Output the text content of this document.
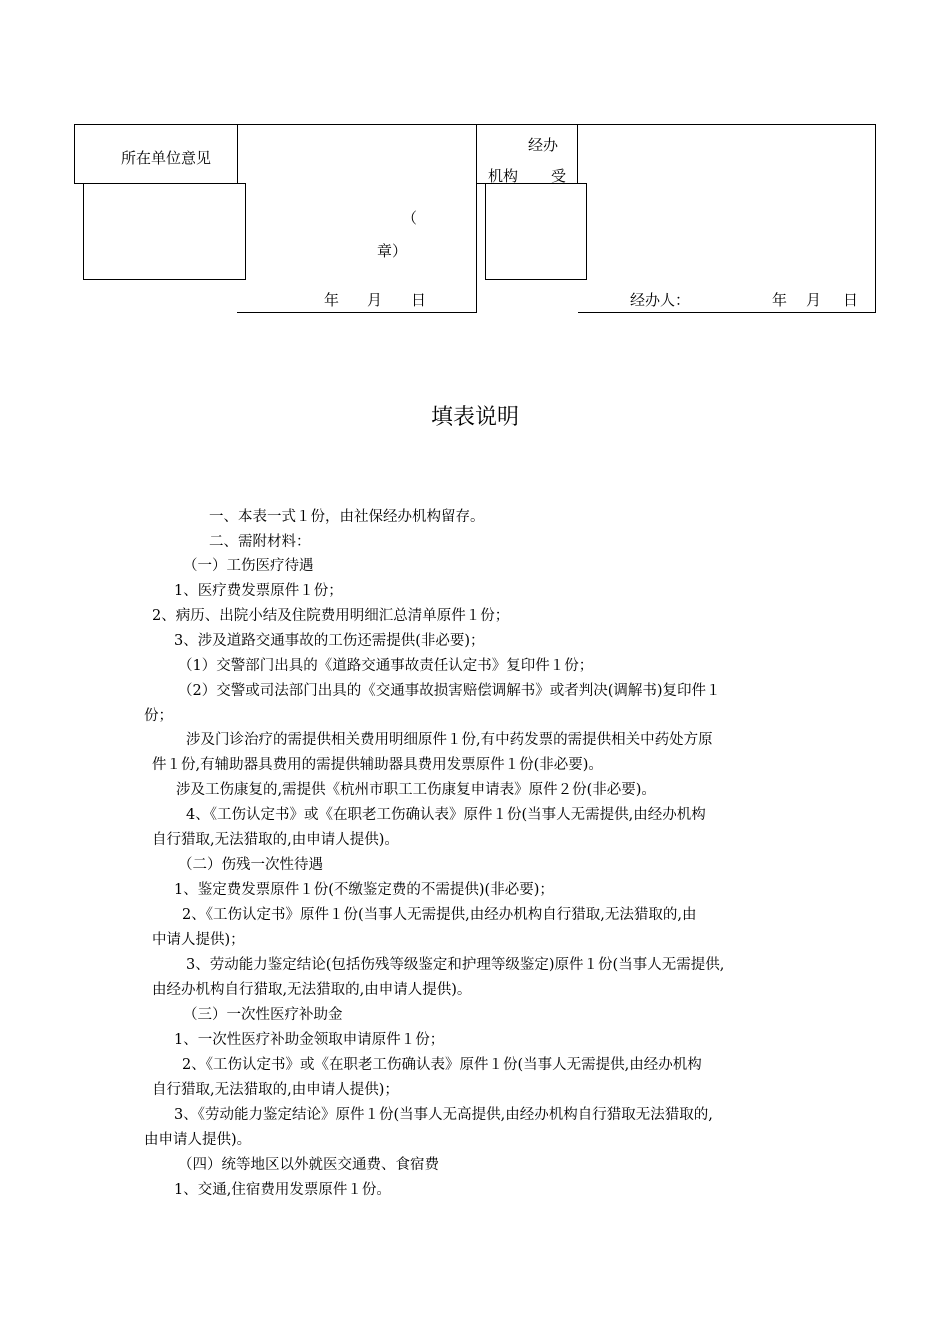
所在单位意见
经办
机构 受
（
章）
年 月 日	经办人：	年 月 日
填表说明
一、本表一式１份，由社保经办机构留存。
二、需附材料：
（一）工伤医疗待遇
1、医疗费发票原件１份；
2、病历、出院小结及住院费用明细汇总清单原件１份；
3、涉及道路交通事故的工伤还需提供(非必要)；
（1）交警部门出具的《道路交通事故责任认定书》复印件１份；
（2）交警或司法部门出具的《交通事故损害赔偿调解书》或者判决(调解书)复印件１
份；
涉及门诊治疗的需提供相关费用明细原件１份,有中药发票的需提供相关中药处方原
件１份,有辅助器具费用的需提供辅助器具费用发票原件１份(非必要)。
涉及工伤康复的,需提供《杭州市职工工伤康复申请表》原件２份(非必要)。
4、《工伤认定书》或《在职老工伤确认表》原件１份(当事人无需提供,由经办机构
自行猎取,无法猎取的,由申请人提供)。
（二）伤残一次性待遇
1、鉴定费发票原件１份(不缴鉴定费的不需提供)(非必要)；
2、《工伤认定书》原件１份(当事人无需提供,由经办机构自行猎取,无法猎取的,由
中请人提供)；
3、劳动能力鉴定结论(包括伤残等级鉴定和护理等级鉴定)原件１份(当事人无需提供,
由经办机构自行猎取,无法猎取的,由申请人提供)。
（三）一次性医疗补助金
1、一次性医疗补助金领取申请原件１份；
2、《工伤认定书》或《在职老工伤确认表》原件１份(当事人无需提供,由经办机构
自行猎取,无法猎取的,由申请人提供)；
3、《劳动能力鉴定结论》原件１份(当事人无高提供,由经办机构自行猎取无法猎取的,
由申请人提供)。
（四）统等地区以外就医交通费、食宿费
1、交通,住宿费用发票原件１份。
